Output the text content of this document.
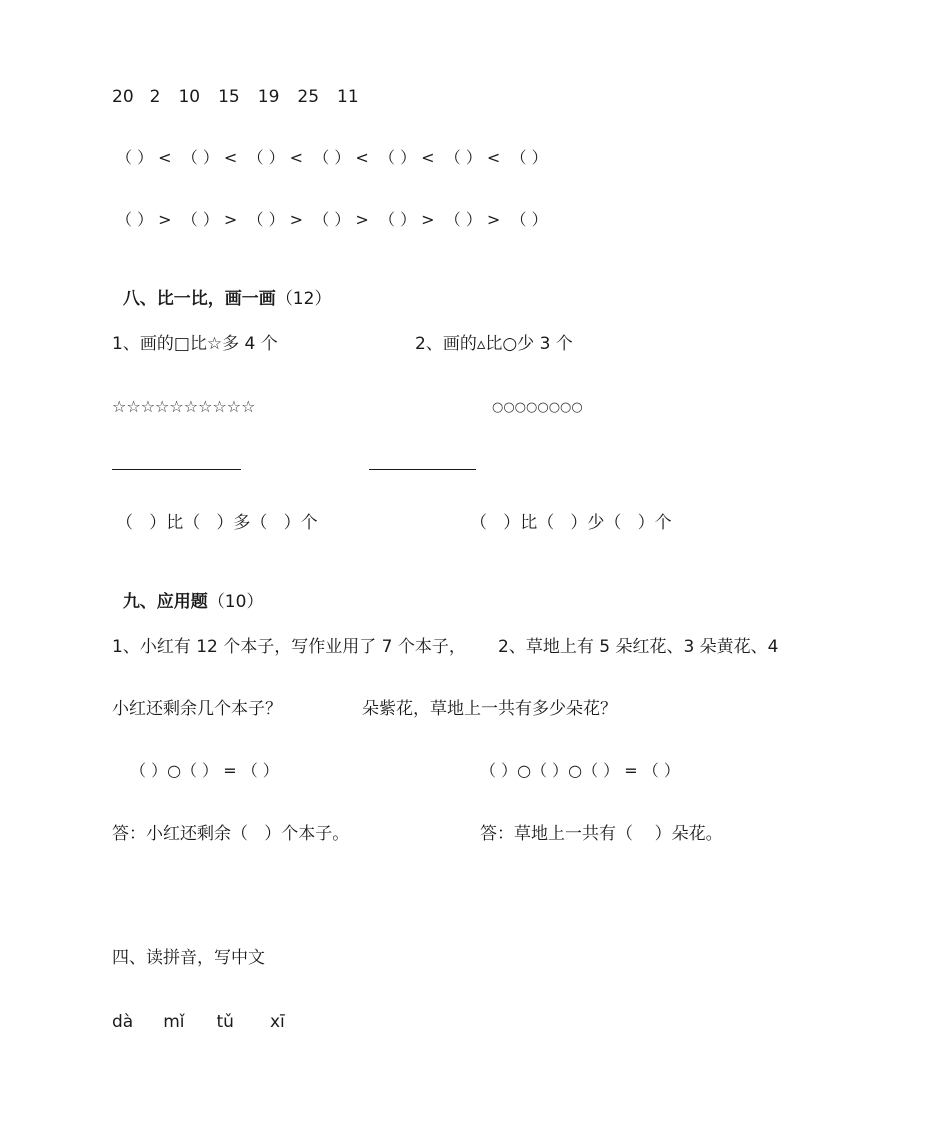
20 2 10 15 19 25 11
（ ） <  （ ） <  （ ） <  （ ） <  （ ） <  （ ） <  （ ）
（ ） >  （ ） >  （ ） >  （ ） >  （ ） >  （ ） >  （ ）

八、比一比，画一画（12）

1、画的□比☆多 4 个	2、画的▵比○少 3 个
☆☆☆☆☆☆☆☆☆☆	○○○○○○○○
（   ）比（   ）多（   ）个	（   ）比（   ）少（   ）个

九、应用题（10）

1、小红有 12 个本子，写作业用了 7 个本子， 2、草地上有 5 朵红花、3 朵黄花、4
小红还剩余几个本子？	朵紫花，草地上一共有多少朵花？
（ ）○（ ） = （ ）	（ ）○（ ）○（ ） = （ ）
答：小红还剩余（   ）个本子。	答：草地上一共有（    ）朵花。
四、读拼音，写中文
dà mǐ tǔ xī
